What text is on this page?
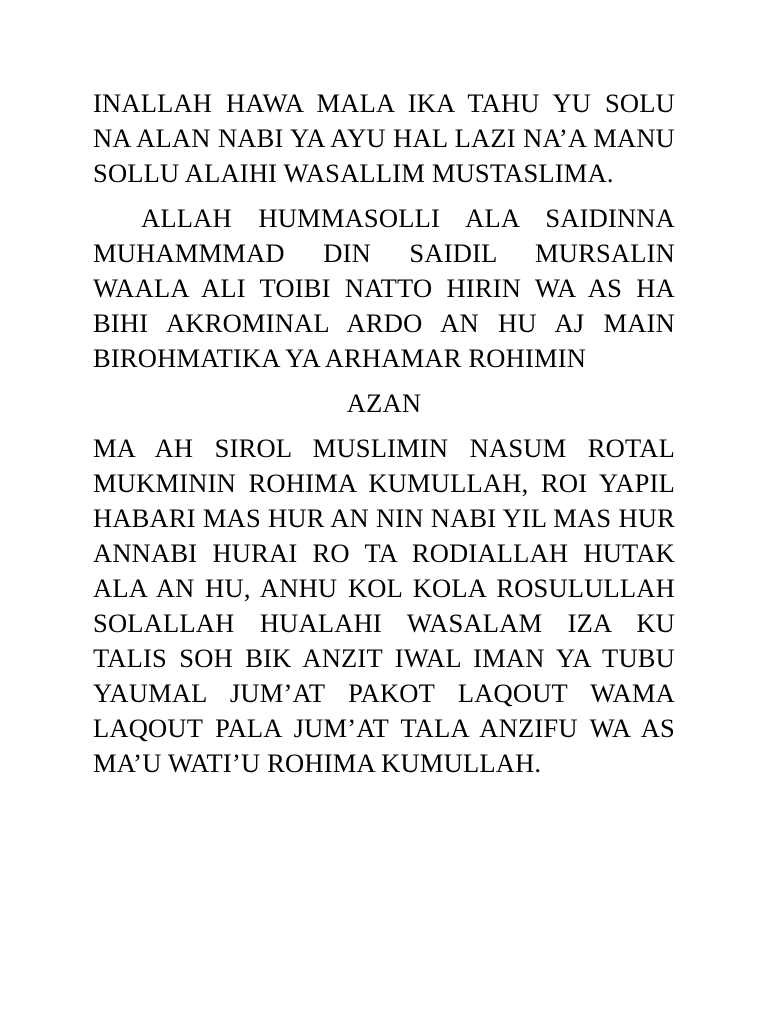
INALLAH HAWA MALA IKA TAHU YU SOLU NA ALAN NABI YA AYU HAL LAZI NA’A MANU SOLLU ALAIHI WASALLIM MUSTASLIMA.

ALLAH HUMMASOLLI ALA SAIDINNA MUHAMMMAD DIN SAIDIL MURSALIN WAALA ALI TOIBI NATTO HIRIN WA AS HA BIHI AKROMINAL ARDO AN HU AJ MAIN BIROHMATIKA YA ARHAMAR ROHIMIN

AZAN

MA AH SIROL MUSLIMIN NASUM ROTAL MUKMININ ROHIMA KUMULLAH, ROI YAPIL HABARI MAS HUR AN NIN NABI YIL MAS HUR ANNABI HURAI RO TA RODIALLAH HUTAK ALA AN HU, ANHU KOL KOLA ROSULULLAH SOLALLAH HUALAHI WASALAM IZA KU TALIS SOH BIK ANZIT IWAL IMAN YA TUBU YAUMAL JUM’AT PAKOT LAQOUT WAMA LAQOUT PALA JUM’AT TALA ANZIFU WA AS MA’U WATI’U ROHIMA KUMULLAH.
